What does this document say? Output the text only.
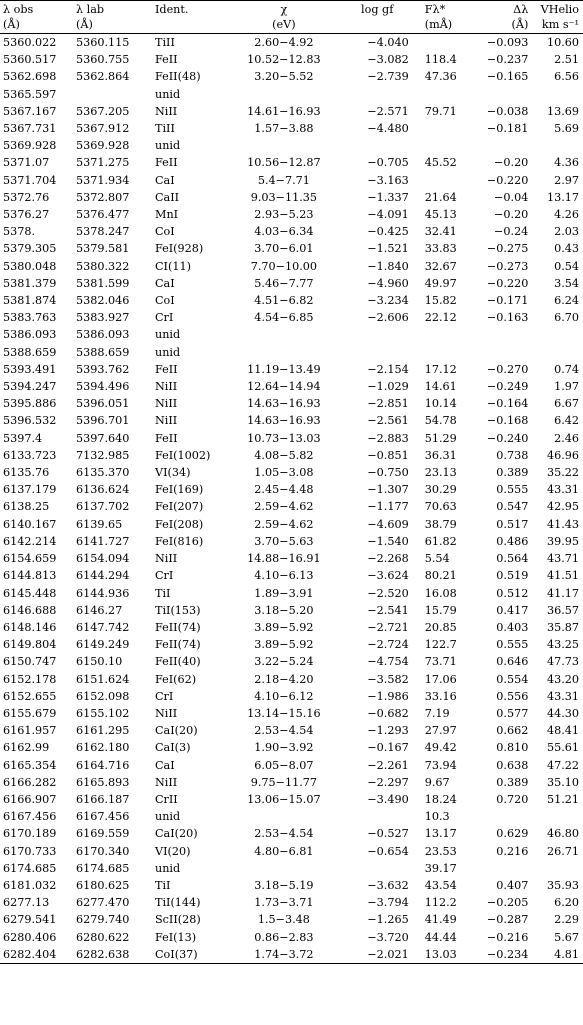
λ obs	λ lab	Ident.	χ	log gf	Fλ*	Δλ	VHelio
(Å)	(Å)		(eV)		(mÅ)	(Å)	km s⁻¹
5360.022	5360.115	TiII	2.60−4.92	−4.040		−0.093	10.60
5360.517	5360.755	FeII	10.52−12.83	−3.082	118.4	−0.237	2.51
5362.698	5362.864	FeII(48)	3.20−5.52	−2.739	47.36	−0.165	6.56
5365.597		unid					
5367.167	5367.205	NiII	14.61−16.93	−2.571	79.71	−0.038	13.69
5367.731	5367.912	TiII	1.57−3.88	−4.480		−0.181	5.69
5369.928	5369.928	unid					
5371.07	5371.275	FeII	10.56−12.87	−0.705	45.52	−0.20	4.36
5371.704	5371.934	CaI	5.4−7.71	−3.163		−0.220	2.97
5372.76	5372.807	CaII	9.03−11.35	−1.337	21.64	−0.04	13.17
5376.27	5376.477	MnI	2.93−5.23	−4.091	45.13	−0.20	4.26
5378.	5378.247	CoI	4.03−6.34	−0.425	32.41	−0.24	2.03
5379.305	5379.581	FeI(928)	3.70−6.01	−1.521	33.83	−0.275	0.43
5380.048	5380.322	CI(11)	7.70−10.00	−1.840	32.67	−0.273	0.54
5381.379	5381.599	CaI	5.46−7.77	−4.960	49.97	−0.220	3.54
5381.874	5382.046	CoI	4.51−6.82	−3.234	15.82	−0.171	6.24
5383.763	5383.927	CrI	4.54−6.85	−2.606	22.12	−0.163	6.70
5386.093	5386.093	unid					
5388.659	5388.659	unid					
5393.491	5393.762	FeII	11.19−13.49	−2.154	17.12	−0.270	0.74
5394.247	5394.496	NiII	12.64−14.94	−1.029	14.61	−0.249	1.97
5395.886	5396.051	NiII	14.63−16.93	−2.851	10.14	−0.164	6.67
5396.532	5396.701	NiII	14.63−16.93	−2.561	54.78	−0.168	6.42
5397.4	5397.640	FeII	10.73−13.03	−2.883	51.29	−0.240	2.46
6133.723	7132.985	FeI(1002)	4.08−5.82	−0.851	36.31	0.738	46.96
6135.76	6135.370	VI(34)	1.05−3.08	−0.750	23.13	0.389	35.22
6137.179	6136.624	FeI(169)	2.45−4.48	−1.307	30.29	0.555	43.31
6138.25	6137.702	FeI(207)	2.59−4.62	−1.177	70.63	0.547	42.95
6140.167	6139.65	FeI(208)	2.59−4.62	−4.609	38.79	0.517	41.43
6142.214	6141.727	FeI(816)	3.70−5.63	−1.540	61.82	0.486	39.95
6154.659	6154.094	NiII	14.88−16.91	−2.268	5.54	0.564	43.71
6144.813	6144.294	CrI	4.10−6.13	−3.624	80.21	0.519	41.51
6145.448	6144.936	TiI	1.89−3.91	−2.520	16.08	0.512	41.17
6146.688	6146.27	TiI(153)	3.18−5.20	−2.541	15.79	0.417	36.57
6148.146	6147.742	FeII(74)	3.89−5.92	−2.721	20.85	0.403	35.87
6149.804	6149.249	FeII(74)	3.89−5.92	−2.724	122.7	0.555	43.25
6150.747	6150.10	FeII(40)	3.22−5.24	−4.754	73.71	0.646	47.73
6152.178	6151.624	FeI(62)	2.18−4.20	−3.582	17.06	0.554	43.20
6152.655	6152.098	CrI	4.10−6.12	−1.986	33.16	0.556	43.31
6155.679	6155.102	NiII	13.14−15.16	−0.682	7.19	0.577	44.30
6161.957	6161.295	CaI(20)	2.53−4.54	−1.293	27.97	0.662	48.41
6162.99	6162.180	CaI(3)	1.90−3.92	−0.167	49.42	0.810	55.61
6165.354	6164.716	CaI	6.05−8.07	−2.261	73.94	0.638	47.22
6166.282	6165.893	NiII	9.75−11.77	−2.297	9.67	0.389	35.10
6166.907	6166.187	CrII	13.06−15.07	−3.490	18.24	0.720	51.21
6167.456	6167.456	unid			10.3		
6170.189	6169.559	CaI(20)	2.53−4.54	−0.527	13.17	0.629	46.80
6170.733	6170.340	VI(20)	4.80−6.81	−0.654	23.53	0.216	26.71
6174.685	6174.685	unid			39.17		
6181.032	6180.625	TiI	3.18−5.19	−3.632	43.54	0.407	35.93
6277.13	6277.470	TiI(144)	1.73−3.71	−3.794	112.2	−0.205	6.20
6279.541	6279.740	ScII(28)	1.5−3.48	−1.265	41.49	−0.287	2.29
6280.406	6280.622	FeI(13)	0.86−2.83	−3.720	44.44	−0.216	5.67
6282.404	6282.638	CoI(37)	1.74−3.72	−2.021	13.03	−0.234	4.81
